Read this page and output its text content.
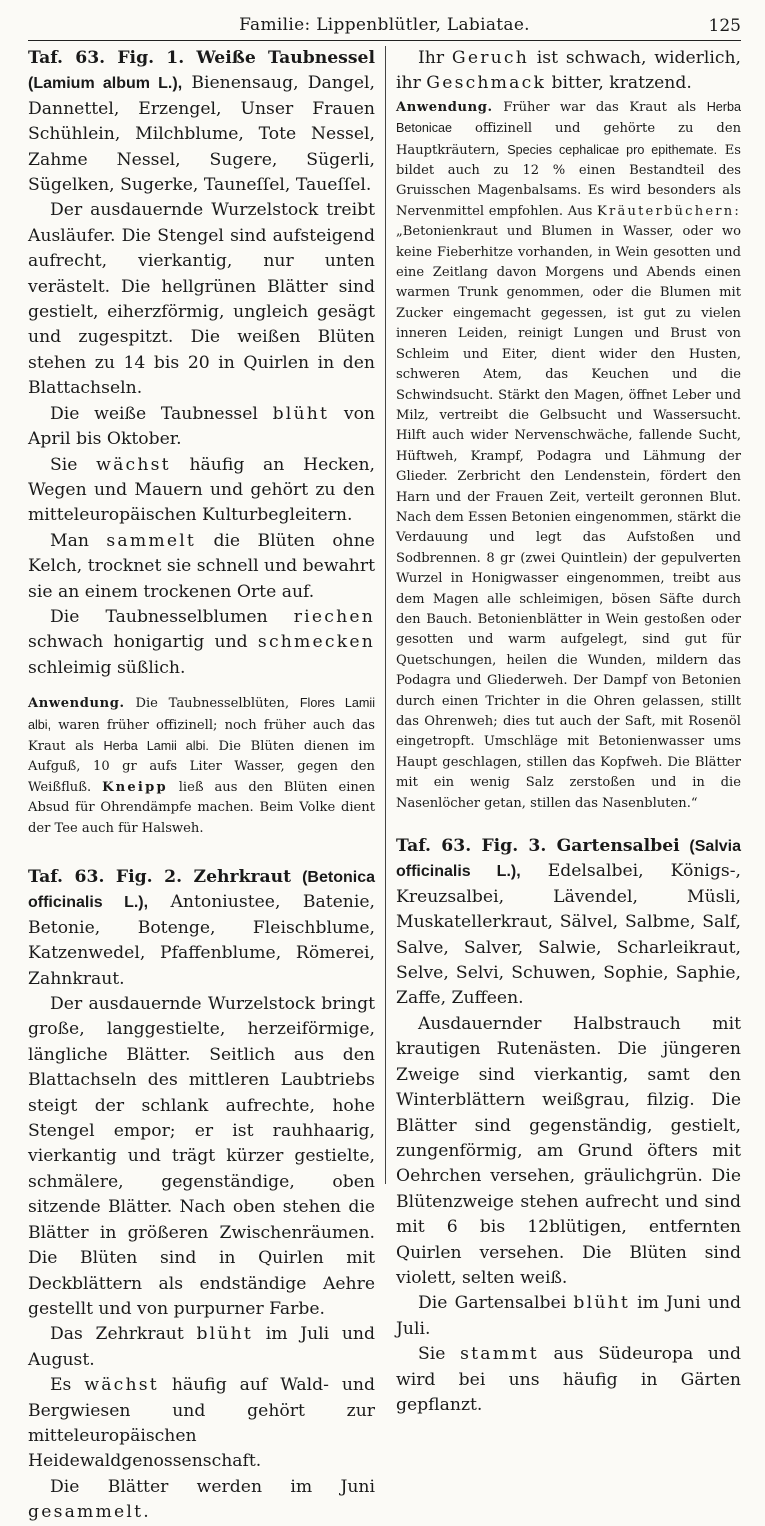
Familie: Lippenblütler, Labiatae.	125

Taf. 63. Fig. 1. Weiße Taubnessel (Lamium album L.), Bienensaug, Dangel, Dannettel, Erzengel, Unser Frauen Schühlein, Milchblume, Tote Nessel, Zahme Nessel, Sugere, Sügerli, Sügelken, Sugerke, Tauneſſel, Taueſſel.

Der ausdauernde Wurzelstock treibt Ausläufer. Die Stengel sind aufsteigend aufrecht, vierkantig, nur unten verästelt. Die hellgrünen Blätter sind gestielt, eiherzförmig, ungleich gesägt und zugespitzt. Die weißen Blüten stehen zu 14 bis 20 in Quirlen in den Blattachseln.

Die weiße Taubnessel blüht von April bis Oktober.

Sie wächst häufig an Hecken, Wegen und Mauern und gehört zu den mitteleuropäischen Kulturbegleitern.

Man sammelt die Blüten ohne Kelch, trocknet sie schnell und bewahrt sie an einem trockenen Orte auf.

Die Taubnesselblumen riechen schwach honigartig und schmecken schleimig süßlich.

Anwendung. Die Taubnesselblüten, Flores Lamii albi, waren früher offizinell; noch früher auch das Kraut als Herba Lamii albi. Die Blüten dienen im Aufguß, 10 gr aufs Liter Wasser, gegen den Weißfluß. Kneipp ließ aus den Blüten einen Absud für Ohrendämpfe machen. Beim Volke dient der Tee auch für Halsweh.

Taf. 63. Fig. 2. Zehrkraut (Betonica officinalis L.), Antoniustee, Batenie, Betonie, Botenge, Fleischblume, Katzenwedel, Pfaffenblume, Römerei, Zahnkraut.

Der ausdauernde Wurzelstock bringt große, langgestielte, herzeiförmige, längliche Blätter. Seitlich aus den Blattachseln des mittleren Laubtriebs steigt der schlank aufrechte, hohe Stengel empor; er ist rauhhaarig, vierkantig und trägt kürzer gestielte, schmälere, gegenständige, oben sitzende Blätter. Nach oben stehen die Blätter in größeren Zwischenräumen. Die Blüten sind in Quirlen mit Deckblättern als endständige Aehre gestellt und von purpurner Farbe.

Das Zehrkraut blüht im Juli und August.

Es wächst häufig auf Wald- und Bergwiesen und gehört zur mitteleuropäischen Heidewaldgenossenschaft.

Die Blätter werden im Juni gesammelt.

Ihr Geruch ist schwach, widerlich, ihr Geschmack bitter, kratzend.

Anwendung. Früher war das Kraut als Herba Betonicae offizinell und gehörte zu den Hauptkräutern, Species cephalicae pro epithemate. Es bildet auch zu 12 % einen Bestandteil des Gruisschen Magenbalsams. Es wird besonders als Nervenmittel empfohlen. Aus Kräuterbüchern: „Betonienkraut und Blumen in Wasser, oder wo keine Fieberhitze vorhanden, in Wein gesotten und eine Zeitlang davon Morgens und Abends einen warmen Trunk genommen, oder die Blumen mit Zucker eingemacht gegessen, ist gut zu vielen inneren Leiden, reinigt Lungen und Brust von Schleim und Eiter, dient wider den Husten, schweren Atem, das Keuchen und die Schwindsucht. Stärkt den Magen, öffnet Leber und Milz, vertreibt die Gelbsucht und Wassersucht. Hilft auch wider Nervenschwäche, fallende Sucht, Hüftweh, Krampf, Podagra und Lähmung der Glieder. Zerbricht den Lendenstein, fördert den Harn und der Frauen Zeit, verteilt geronnen Blut. Nach dem Essen Betonien eingenommen, stärkt die Verdauung und legt das Aufstoßen und Sodbrennen. 8 gr (zwei Quintlein) der gepulverten Wurzel in Honigwasser eingenommen, treibt aus dem Magen alle schleimigen, bösen Säfte durch den Bauch. Betonienblätter in Wein gestoßen oder gesotten und warm aufgelegt, sind gut für Quetschungen, heilen die Wunden, mildern das Podagra und Gliederweh. Der Dampf von Betonien durch einen Trichter in die Ohren gelassen, stillt das Ohrenweh; dies tut auch der Saft, mit Rosenöl eingetropft. Umschläge mit Betonienwasser ums Haupt geschlagen, stillen das Kopfweh. Die Blätter mit ein wenig Salz zerstoßen und in die Nasenlöcher getan, stillen das Nasenbluten.“

Taf. 63. Fig. 3. Gartensalbei (Salvia officinalis L.), Edelsalbei, Königs-, Kreuzsalbei, Lävendel, Müsli, Muskatellerkraut, Sälvel, Salbme, Salf, Salve, Salver, Salwie, Scharleikraut, Selve, Selvi, Schuwen, Sophie, Saphie, Zaffe, Zuffeen.

Ausdauernder Halbstrauch mit krautigen Rutenästen. Die jüngeren Zweige sind vierkantig, samt den Winterblättern weißgrau, filzig. Die Blätter sind gegenständig, gestielt, zungenförmig, am Grund öfters mit Oehrchen versehen, gräulichgrün. Die Blütenzweige stehen aufrecht und sind mit 6 bis 12blütigen, entfernten Quirlen versehen. Die Blüten sind violett, selten weiß.

Die Gartensalbei blüht im Juni und Juli.

Sie stammt aus Südeuropa und wird bei uns häufig in Gärten gepflanzt.
